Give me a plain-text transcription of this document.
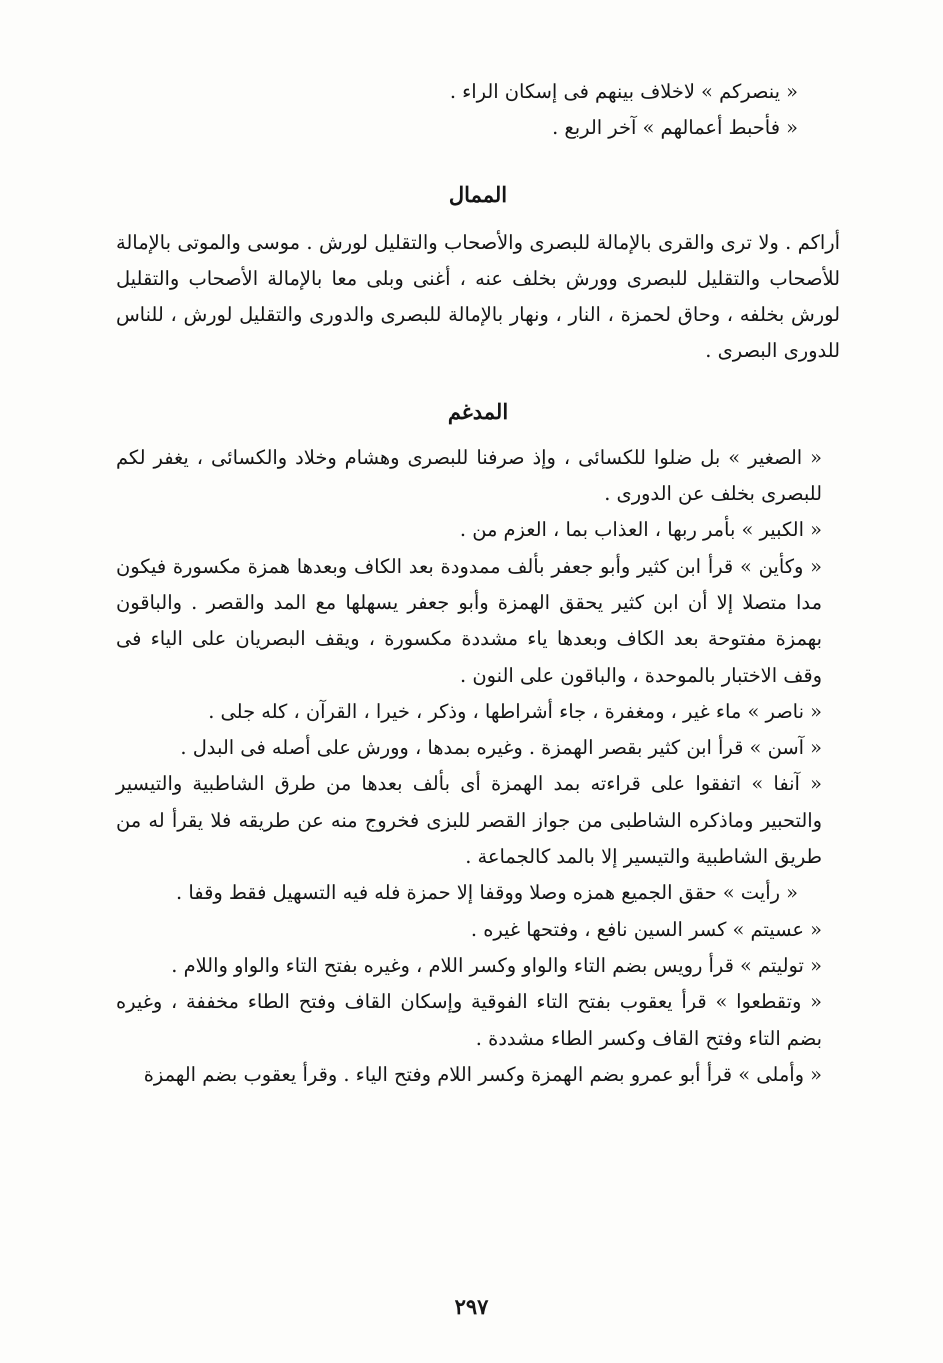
« ينصركم » لاخلاف بينهم فى إسكان الراء .

« فأحبط أعمالهم » آخر الربع .

الممال

أراكم . ولا ترى والقرى بالإمالة للبصرى والأصحاب والتقليل لورش . موسى والموتى بالإمالة للأصحاب والتقليل للبصرى وورش بخلف عنه ، أغنى وبلى معا بالإمالة الأصحاب والتقليل لورش بخلفه ، وحاق لحمزة ، النار ، ونهار بالإمالة للبصرى والدورى والتقليل لورش ، للناس للدورى البصرى .

المدغم

« الصغير » بل ضلوا للكسائى ، وإذ صرفنا للبصرى وهشام وخلاد والكسائى ، يغفر لكم للبصرى بخلف عن الدورى .

« الكبير » بأمر ربها ، العذاب بما ، العزم من .

« وكأين » قرأ ابن كثير وأبو جعفر بألف ممدودة بعد الكاف وبعدها همزة مكسورة فيكون مدا متصلا إلا أن ابن كثير يحقق الهمزة وأبو جعفر يسهلها مع المد والقصر . والباقون بهمزة مفتوحة بعد الكاف وبعدها ياء مشددة مكسورة ، ويقف البصريان على الياء فى وقف الاختبار بالموحدة ، والباقون على النون .

« ناصر » ماء غير ، ومغفرة ، جاء أشراطها ، وذكر ، خيرا ، القرآن ، كله جلى .

« آسن » قرأ ابن كثير بقصر الهمزة . وغيره بمدها ، وورش على أصله فى البدل .

« آنفا » اتفقوا على قراءته بمد الهمزة أى بألف بعدها من طرق الشاطبية والتيسير والتحبير وماذكره الشاطبى من جواز القصر للبزى فخروج منه عن طريقه فلا يقرأ له من طريق الشاطبية والتيسير إلا بالمد كالجماعة .

« رأيت » حقق الجميع همزه وصلا ووقفا إلا حمزة فله فيه التسهيل فقط وقفا .

« عسيتم » كسر السين نافع ، وفتحها غيره .

« توليتم » قرأ رويس بضم التاء والواو وكسر اللام ، وغيره بفتح التاء والواو واللام .

« وتقطعوا » قرأ يعقوب بفتح التاء الفوقية وإسكان القاف وفتح الطاء مخففة ، وغيره بضم التاء وفتح القاف وكسر الطاء مشددة .

« وأملى » قرأ أبو عمرو بضم الهمزة وكسر اللام وفتح الياء . وقرأ يعقوب بضم الهمزة

٢٩٧
